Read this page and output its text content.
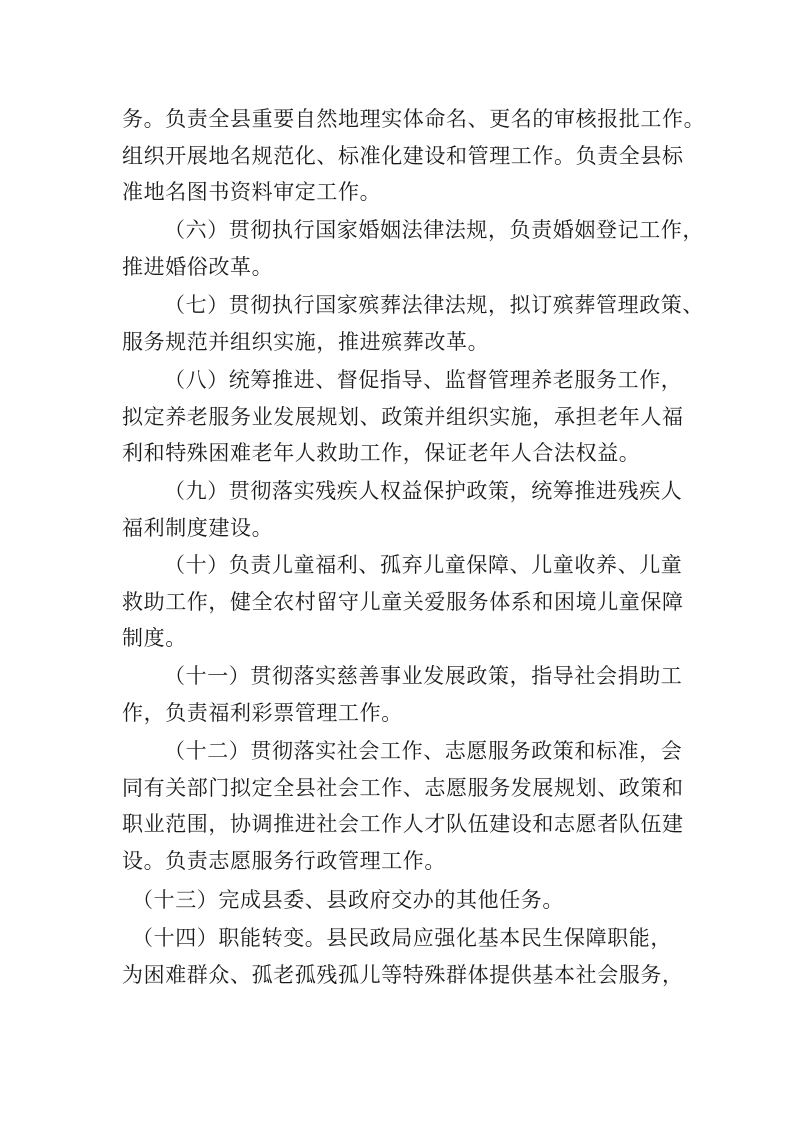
务。负责全县重要自然地理实体命名、更名的审核报批工作。
组织开展地名规范化、标准化建设和管理工作。负责全县标
准地名图书资料审定工作。

（六）贯彻执行国家婚姻法律法规，负责婚姻登记工作，
推进婚俗改革。

（七）贯彻执行国家殡葬法律法规，拟订殡葬管理政策、
服务规范并组织实施，推进殡葬改革。

（八）统筹推进、督促指导、监督管理养老服务工作，
拟定养老服务业发展规划、政策并组织实施，承担老年人福
利和特殊困难老年人救助工作，保证老年人合法权益。

（九）贯彻落实残疾人权益保护政策，统筹推进残疾人
福利制度建设。

（十）负责儿童福利、孤弃儿童保障、儿童收养、儿童
救助工作，健全农村留守儿童关爱服务体系和困境儿童保障
制度。

（十一）贯彻落实慈善事业发展政策，指导社会捐助工
作，负责福利彩票管理工作。

（十二）贯彻落实社会工作、志愿服务政策和标准，会
同有关部门拟定全县社会工作、志愿服务发展规划、政策和
职业范围，协调推进社会工作人才队伍建设和志愿者队伍建
设。负责志愿服务行政管理工作。

（十三）完成县委、县政府交办的其他任务。

（十四）职能转变。县民政局应强化基本民生保障职能，
为困难群众、孤老孤残孤儿等特殊群体提供基本社会服务，
